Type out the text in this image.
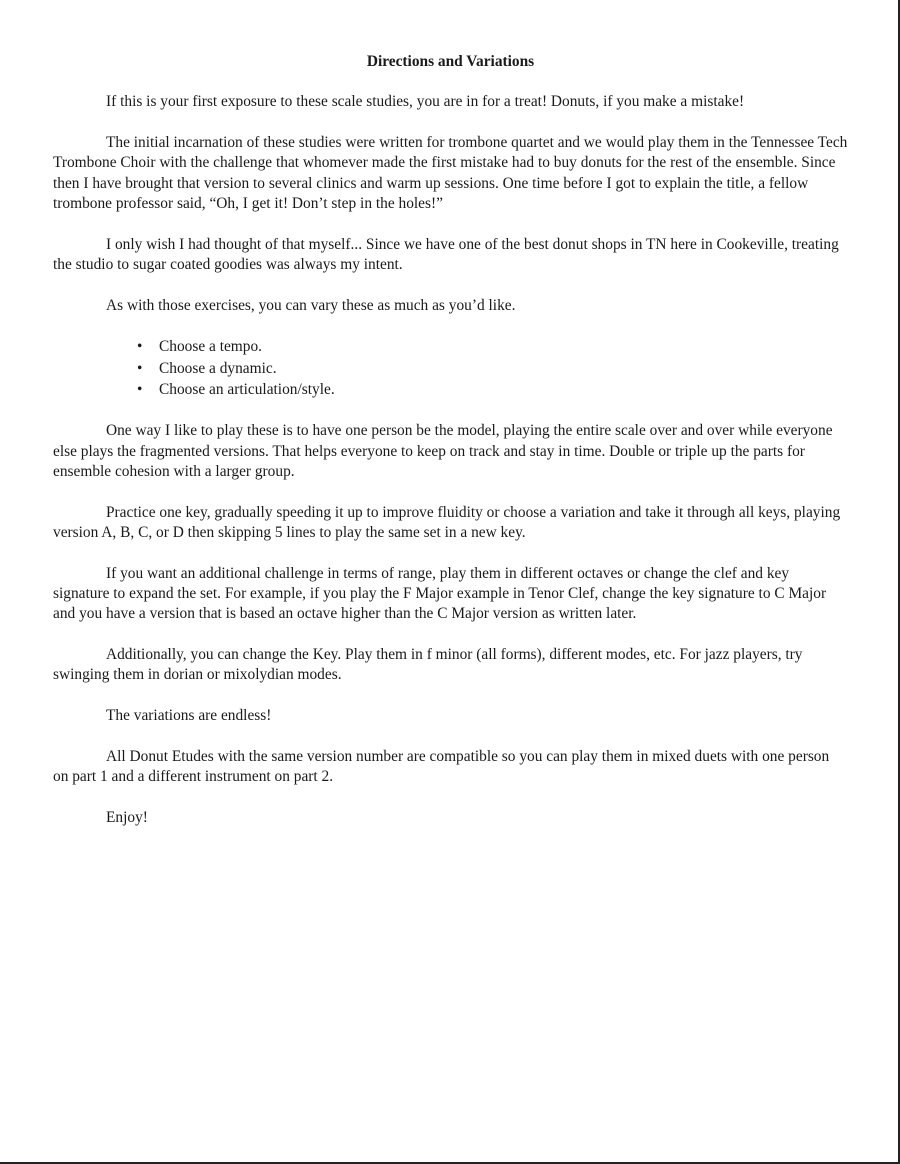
Directions and Variations

If this is your first exposure to these scale studies, you are in for a treat! Donuts, if you make a mistake!

The initial incarnation of these studies were written for trombone quartet and we would play them in the Tennessee Tech Trombone Choir with the challenge that whomever made the first mistake had to buy donuts for the rest of the ensemble. Since then I have brought that version to several clinics and warm up sessions. One time before I got to explain the title, a fellow trombone professor said, “Oh, I get it! Don’t step in the holes!”

I only wish I had thought of that myself... Since we have one of the best donut shops in TN here in Cookeville, treating the studio to sugar coated goodies was always my intent.

As with those exercises, you can vary these as much as you’d like.

• Choose a tempo.
• Choose a dynamic.
• Choose an articulation/style.

One way I like to play these is to have one person be the model, playing the entire scale over and over while everyone else plays the fragmented versions. That helps everyone to keep on track and stay in time. Double or triple up the parts for ensemble cohesion with a larger group.

Practice one key, gradually speeding it up to improve fluidity or choose a variation and take it through all keys, playing version A, B, C, or D then skipping 5 lines to play the same set in a new key.

If you want an additional challenge in terms of range, play them in different octaves or change the clef and key signature to expand the set. For example, if you play the F Major example in Tenor Clef, change the key signature to C Major and you have a version that is based an octave higher than the C Major version as written later.

Additionally, you can change the Key. Play them in f minor (all forms), different modes, etc. For jazz players, try swinging them in dorian or mixolydian modes.

The variations are endless!

All Donut Etudes with the same version number are compatible so you can play them in mixed duets with one person on part 1 and a different instrument on part 2.

Enjoy!
